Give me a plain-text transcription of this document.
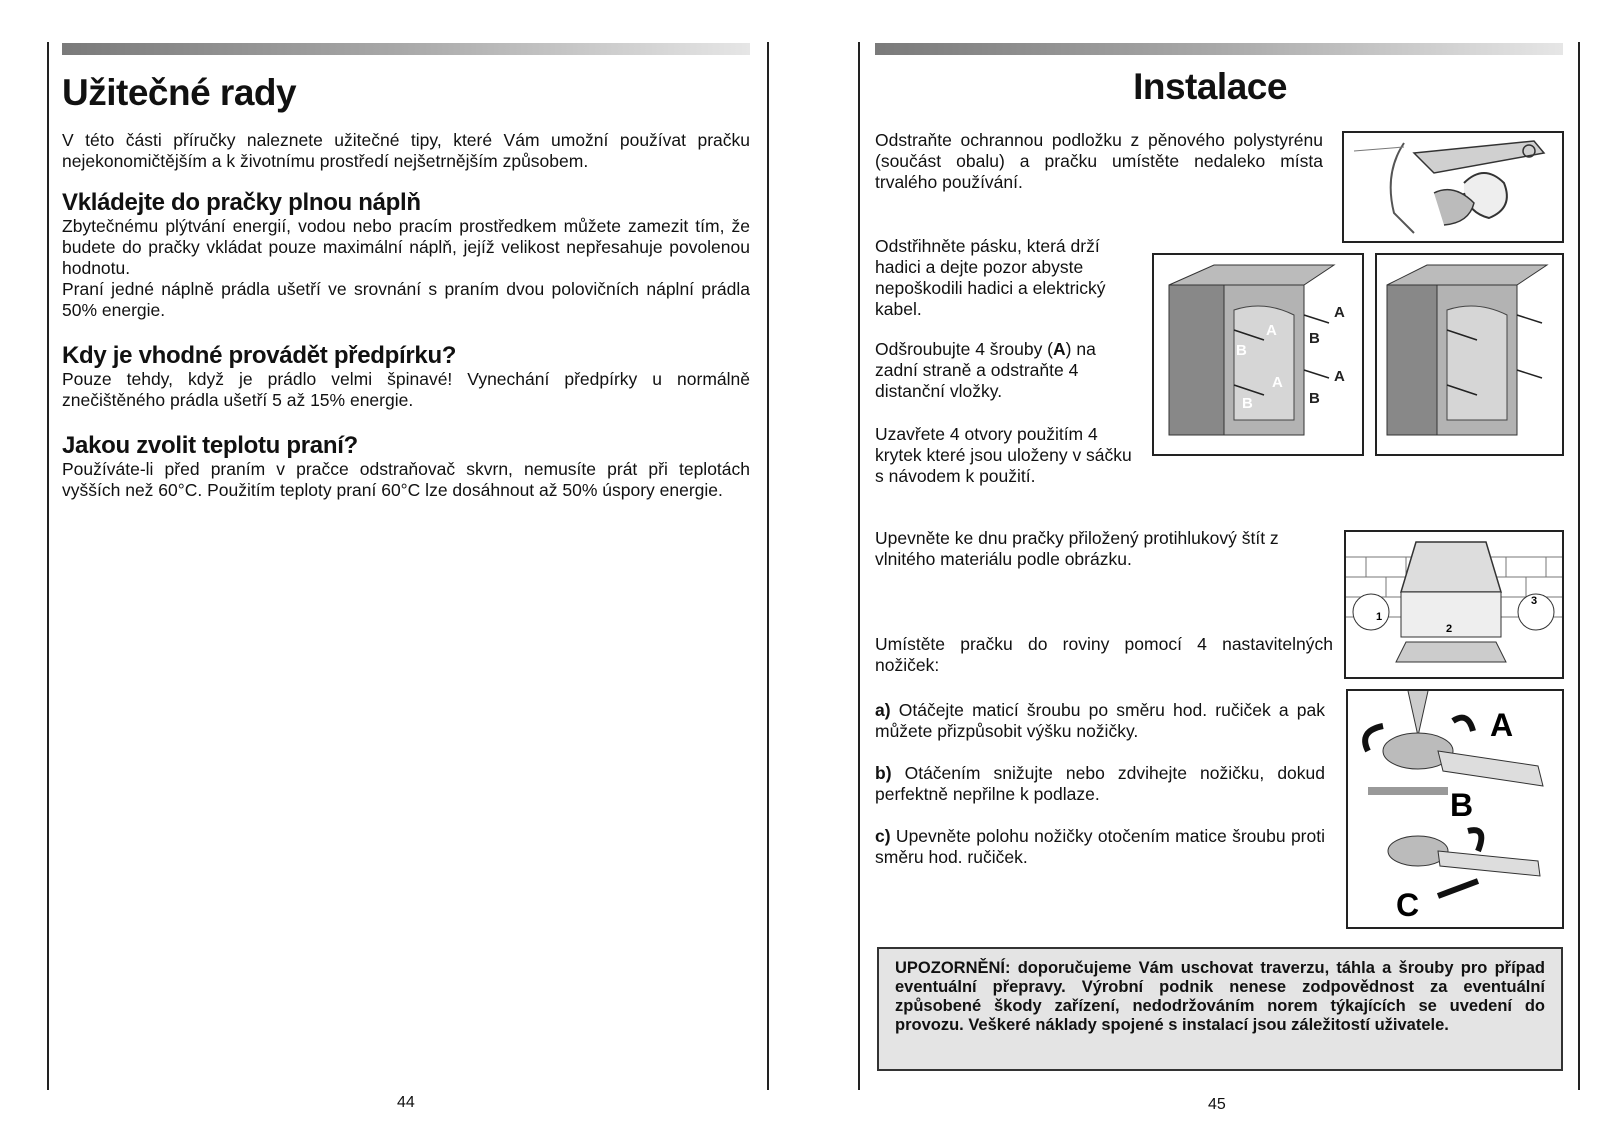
Užitečné rady

V této části příručky naleznete užitečné tipy, které Vám umožní používat pračku nejekonomičtějším a k životnímu prostředí nejšetrnějším způsobem.

Vkládejte do pračky plnou náplň

Zbytečnému plýtvání energií, vodou nebo pracím prostředkem můžete zamezit tím, že budete do pračky vkládat pouze maximální náplň, jejíž velikost nepřesahuje povolenou hodnotu.

Praní jedné náplně prádla ušetří ve srovnání s praním dvou polovičních náplní prádla 50% energie.

Kdy je vhodné provádět předpírku?

Pouze tehdy, když je prádlo velmi špinavé! Vynechání předpírky u normálně znečištěného prádla ušetří 5 až 15% energie.

Jakou zvolit teplotu praní?

Používáte-li před praním v pračce odstraňovač skvrn, nemusíte prát při teplotách vyšších než 60°C. Použitím teploty praní 60°C lze dosáhnout až 50% úspory energie.

44
Instalace

Odstraňte ochrannou podložku z pěnového polystyrénu (součást obalu) a pračku umístěte nedaleko místa trvalého používání.

Odstřihněte pásku, která drží hadici a dejte pozor abyste nepoškodili hadici a elektrický kabel.

Odšroubujte 4 šrouby (A) na zadní straně a odstraňte 4 distanční vložky.

Uzavřete 4 otvory použitím 4 krytek které jsou uloženy v sáčku s návodem k použití.

A
A
A	A
B
B
B	B

Upevněte ke dnu pračky přiložený protihlukový štít z vlnitého materiálu podle obrázku.

1
2
3

Umístěte pračku do roviny pomocí 4 nastavitelných nožiček:

a) Otáčejte maticí šroubu po směru hod. ručiček a pak můžete přizpůsobit výšku nožičky.

b) Otáčením snižujte nebo zdvihejte nožičku, dokud perfektně nepřilne k podlaze.

c) Upevněte polohu nožičky otočením matice šroubu proti směru hod. ručiček.

A
B
C
UPOZORNĚNÍ: doporučujeme Vám uschovat traverzu, táhla a šrouby pro případ eventuální přepravy. Výrobní podnik nenese zodpovědnost za eventuální způsobené škody zařízení, nedodržováním norem týkajících se uvedení do provozu. Veškeré náklady spojené s instalací jsou záležitostí uživatele.
45
